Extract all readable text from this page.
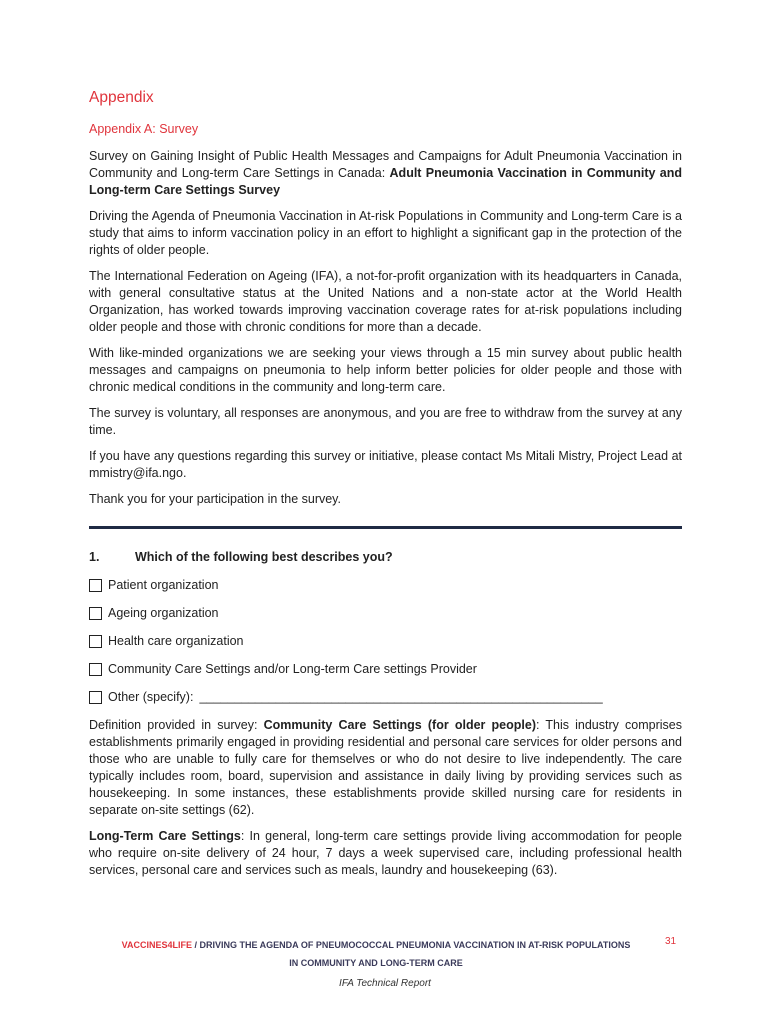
Appendix
Appendix A: Survey

Survey on Gaining Insight of Public Health Messages and Campaigns for Adult Pneumonia Vaccination in Community and Long-term Care Settings in Canada: Adult Pneumonia Vaccination in Community and Long-term Care Settings Survey

Driving the Agenda of Pneumonia Vaccination in At-risk Populations in Community and Long-term Care is a study that aims to inform vaccination policy in an effort to highlight a significant gap in the protection of the rights of older people.

The International Federation on Ageing (IFA), a not-for-profit organization with its headquarters in Canada, with general consultative status at the United Nations and a non-state actor at the World Health Organization, has worked towards improving vaccination coverage rates for at-risk populations including older people and those with chronic conditions for more than a decade.

With like-minded organizations we are seeking your views through a 15 min survey about public health messages and campaigns on pneumonia to help inform better policies for older people and those with chronic medical conditions in the community and long-term care.

The survey is voluntary, all responses are anonymous, and you are free to withdraw from the survey at any time.

If you have any questions regarding this survey or initiative, please contact Ms Mitali Mistry, Project Lead at mmistry@ifa.ngo.

Thank you for your participation in the survey.

1.	Which of the following best describes you?
Patient organization
Ageing organization
Health care organization
Community Care Settings and/or Long-term Care settings Provider
Other (specify): __________________________________________________________

Definition provided in survey: Community Care Settings (for older people): This industry comprises establishments primarily engaged in providing residential and personal care services for older persons and those who are unable to fully care for themselves or who do not desire to live independently. The care typically includes room, board, supervision and assistance in daily living by providing services such as housekeeping. In some instances, these establishments provide skilled nursing care for residents in separate on-site settings (62).

Long-Term Care Settings: In general, long-term care settings provide living accommodation for people who require on-site delivery of 24 hour, 7 days a week supervised care, including professional health services, personal care and services such as meals, laundry and housekeeping (63).

VACCINES4LIFE / DRIVING THE AGENDA OF PNEUMOCOCCAL PNEUMONIA VACCINATION IN AT-RISK POPULATIONS
IN COMMUNITY AND LONG-TERM CARE
31
IFA Technical Report
